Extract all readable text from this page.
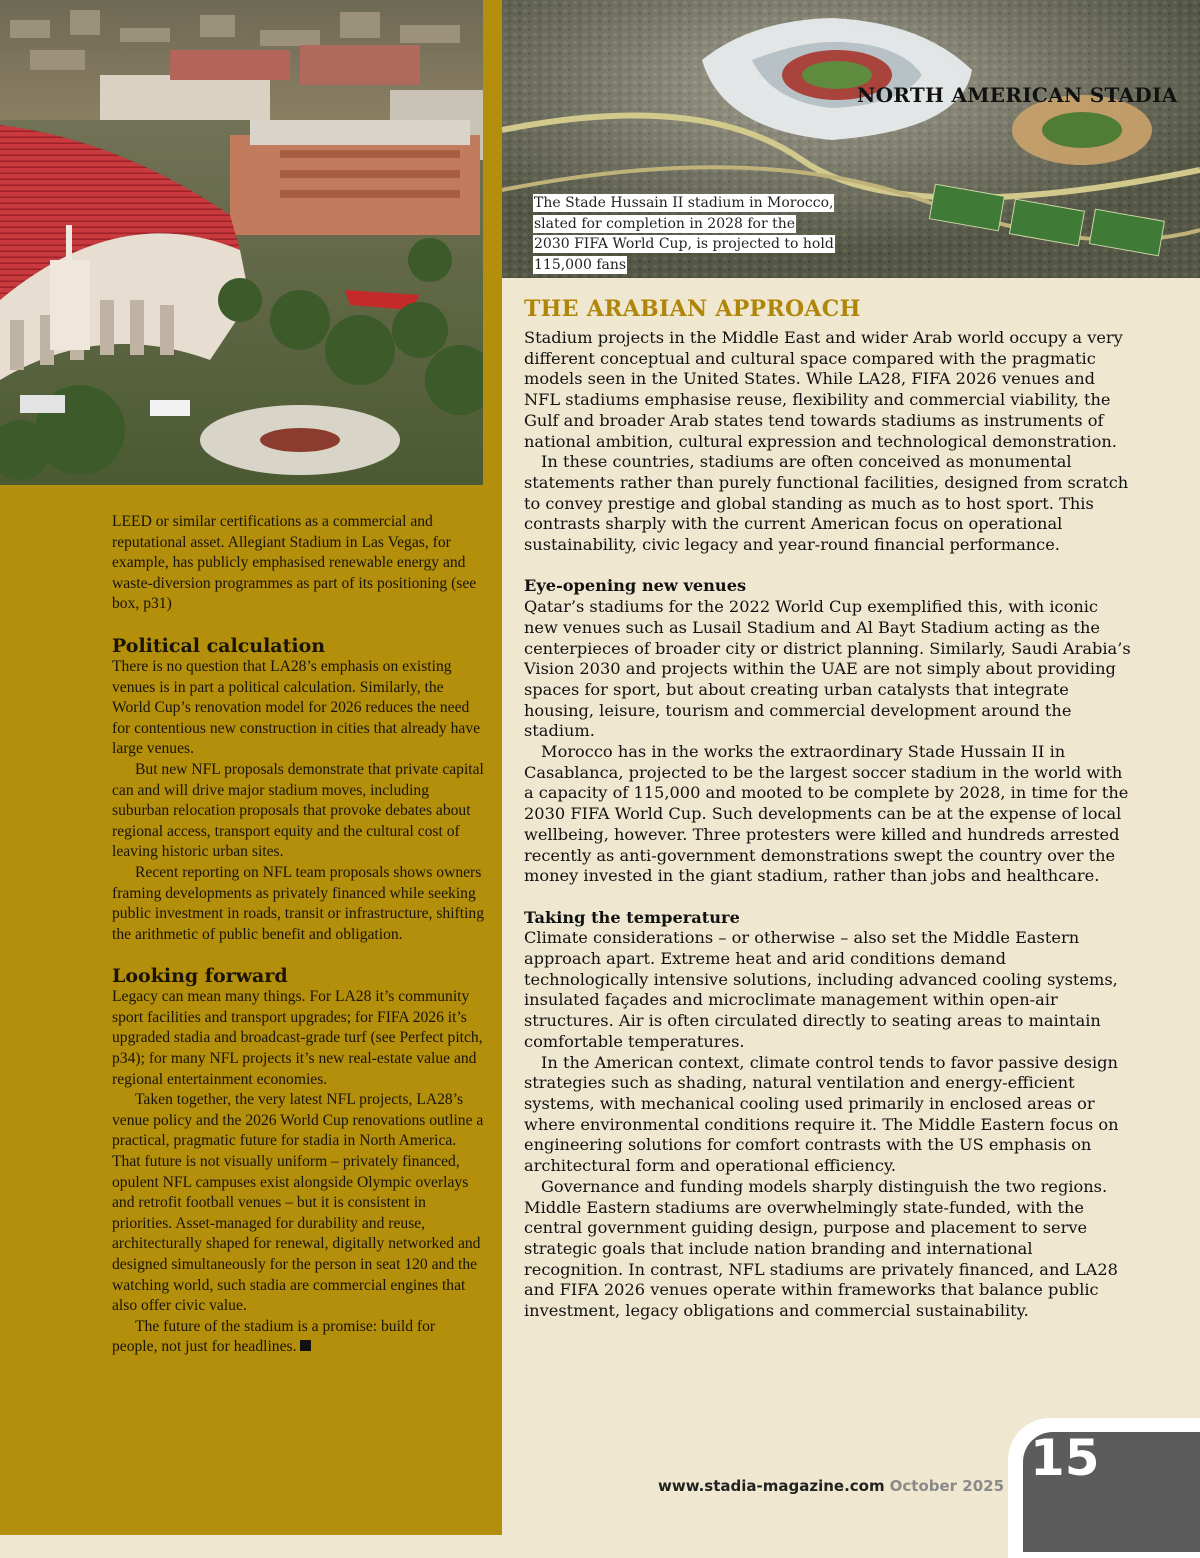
NORTH AMERICAN STADIA
The Stade Hussain II stadium in Morocco, slated for completion in 2028 for the 2030 FIFA World Cup, is projected to hold 115,000 fans

LEED or similar certifications as a commercial and reputational asset. Allegiant Stadium in Las Vegas, for example, has publicly emphasised renewable energy and waste-diversion programmes as part of its positioning (see box, p31)

Political calculation

There is no question that LA28’s emphasis on existing venues is in part a political calculation. Similarly, the World Cup’s renovation model for 2026 reduces the need for contentious new construction in cities that already have large venues.

But new NFL proposals demonstrate that private capital can and will drive major stadium moves, including suburban relocation proposals that provoke debates about regional access, transport equity and the cultural cost of leaving historic urban sites.

Recent reporting on NFL team proposals shows owners framing developments as privately financed while seeking public investment in roads, transit or infrastructure, shifting the arithmetic of public benefit and obligation.

Looking forward

Legacy can mean many things. For LA28 it’s community sport facilities and transport upgrades; for FIFA 2026 it’s upgraded stadia and broadcast-grade turf (see Perfect pitch, p34); for many NFL projects it’s new real-estate value and regional entertainment economies.

Taken together, the very latest NFL projects, LA28’s venue policy and the 2026 World Cup renovations outline a practical, pragmatic future for stadia in North America. That future is not visually uniform – privately financed, opulent NFL campuses exist alongside Olympic overlays and retrofit football venues – but it is consistent in priorities. Asset-managed for durability and reuse, architecturally shaped for renewal, digitally networked and designed simultaneously for the person in seat 120 and the watching world, such stadia are commercial engines that also offer civic value.

The future of the stadium is a promise: build for people, not just for headlines.

THE ARABIAN APPROACH

Stadium projects in the Middle East and wider Arab world occupy a very different conceptual and cultural space compared with the pragmatic models seen in the United States. While LA28, FIFA 2026 venues and NFL stadiums emphasise reuse, flexibility and commercial viability, the Gulf and broader Arab states tend towards stadiums as instruments of national ambition, cultural expression and technological demonstration.

In these countries, stadiums are often conceived as monumental statements rather than purely functional facilities, designed from scratch to convey prestige and global standing as much as to host sport. This contrasts sharply with the current American focus on operational sustainability, civic legacy and year-round financial performance.

Eye-opening new venues

Qatar’s stadiums for the 2022 World Cup exemplified this, with iconic new venues such as Lusail Stadium and Al Bayt Stadium acting as the centerpieces of broader city or district planning. Similarly, Saudi Arabia’s Vision 2030 and projects within the UAE are not simply about providing spaces for sport, but about creating urban catalysts that integrate housing, leisure, tourism and commercial development around the stadium.

Morocco has in the works the extraordinary Stade Hussain II in Casablanca, projected to be the largest soccer stadium in the world with a capacity of 115,000 and mooted to be complete by 2028, in time for the 2030 FIFA World Cup. Such developments can be at the expense of local wellbeing, however. Three protesters were killed and hundreds arrested recently as anti-government demonstrations swept the country over the money invested in the giant stadium, rather than jobs and healthcare.

Taking the temperature

Climate considerations – or otherwise – also set the Middle Eastern approach apart. Extreme heat and arid conditions demand technologically intensive solutions, including advanced cooling systems, insulated façades and microclimate management within open-air structures. Air is often circulated directly to seating areas to maintain comfortable temperatures.

In the American context, climate control tends to favor passive design strategies such as shading, natural ventilation and energy-efficient systems, with mechanical cooling used primarily in enclosed areas or where environmental conditions require it. The Middle Eastern focus on engineering solutions for comfort contrasts with the US emphasis on architectural form and operational efficiency.

Governance and funding models sharply distinguish the two regions. Middle Eastern stadiums are overwhelmingly state-funded, with the central government guiding design, purpose and placement to serve strategic goals that include nation branding and international recognition. In contrast, NFL stadiums are privately financed, and LA28 and FIFA 2026 venues operate within frameworks that balance public investment, legacy obligations and commercial sustainability.

www.stadia-magazine.com October 2025 15
